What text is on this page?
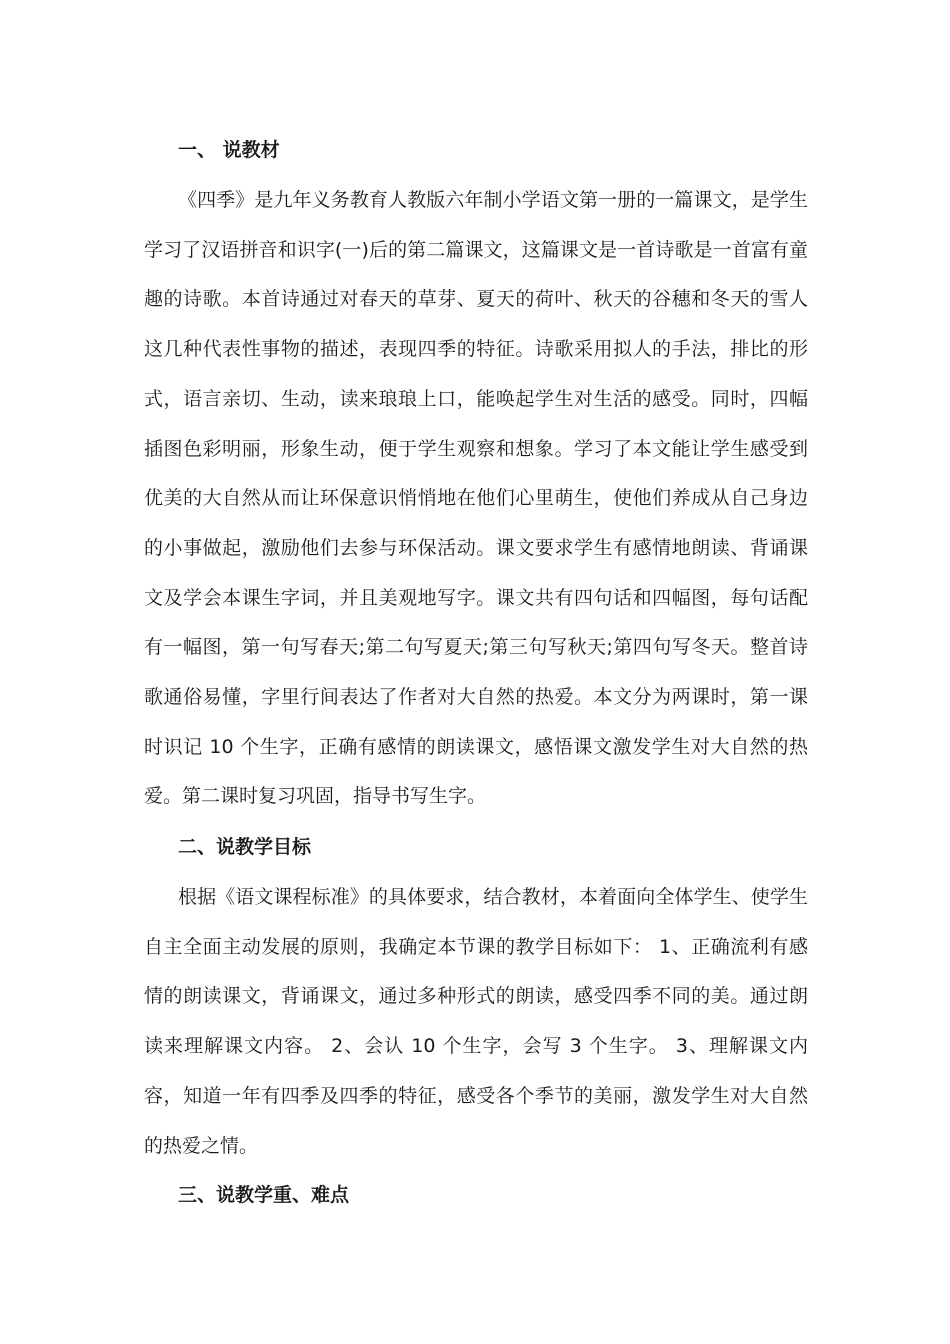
一、 说教材
《四季》是九年义务教育人教版六年制小学语文第一册的一篇课文，是学生学习了汉语拼音和识字(一)后的第二篇课文，这篇课文是一首诗歌是一首富有童趣的诗歌。本首诗通过对春天的草芽、夏天的荷叶、秋天的谷穗和冬天的雪人这几种代表性事物的描述，表现四季的特征。诗歌采用拟人的手法，排比的形式，语言亲切、生动，读来琅琅上口，能唤起学生对生活的感受。同时，四幅插图色彩明丽，形象生动，便于学生观察和想象。学习了本文能让学生感受到优美的大自然从而让环保意识悄悄地在他们心里萌生，使他们养成从自己身边的小事做起，激励他们去参与环保活动。课文要求学生有感情地朗读、背诵课文及学会本课生字词，并且美观地写字。课文共有四句话和四幅图，每句话配有一幅图，第一句写春天;第二句写夏天;第三句写秋天;第四句写冬天。整首诗歌通俗易懂，字里行间表达了作者对大自然的热爱。本文分为两课时，第一课时识记 10 个生字，正确有感情的朗读课文，感悟课文激发学生对大自然的热爱。第二课时复习巩固，指导书写生字。
二、说教学目标
根据《语文课程标准》的具体要求，结合教材，本着面向全体学生、使学生自主全面主动发展的原则，我确定本节课的教学目标如下： 1、正确流利有感情的朗读课文，背诵课文，通过多种形式的朗读，感受四季不同的美。通过朗读来理解课文内容。 2、会认 10 个生字，会写 3 个生字。 3、理解课文内容，知道一年有四季及四季的特征，感受各个季节的美丽，激发学生对大自然的热爱之情。
三、说教学重、难点
